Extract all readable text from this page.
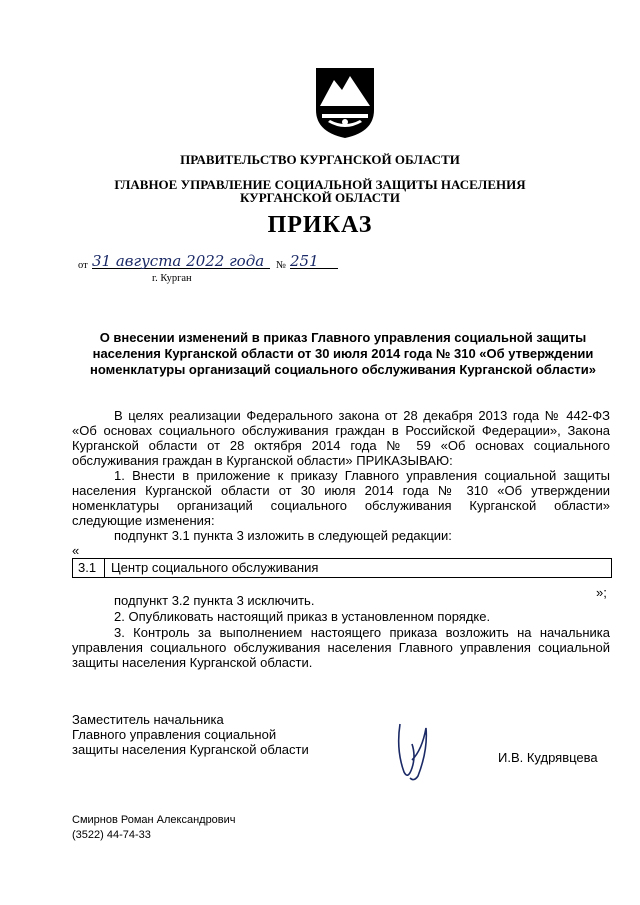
ПРАВИТЕЛЬСТВО КУРГАНСКОЙ ОБЛАСТИ
ГЛАВНОЕ УПРАВЛЕНИЕ СОЦИАЛЬНОЙ ЗАЩИТЫ НАСЕЛЕНИЯ
КУРГАНСКОЙ ОБЛАСТИ
ПРИКАЗ
от 31 августа 2022 года	№ 251
г. Курган
О внесении изменений в приказ Главного управления социальной защиты населения Курганской области от 30 июля 2014 года № 310 «Об утверждении номенклатуры организаций социального обслуживания Курганской области»
В целях реализации Федерального закона от 28 декабря 2013 года № 442-ФЗ «Об основах социального обслуживания граждан в Российской Федерации», Закона Курганской области от 28 октября 2014 года № 59 «Об основах социального обслуживания граждан в Курганской области» ПРИКАЗЫВАЮ:
1. Внести в приложение к приказу Главного управления социальной защиты населения Курганской области от 30 июля 2014 года № 310 «Об утверждении номенклатуры организаций социального обслуживания Курганской области» следующие изменения:
подпункт 3.1 пункта 3 изложить в следующей редакции:
«
3.1	Центр социального обслуживания
»;
подпункт 3.2 пункта 3 исключить.
2. Опубликовать настоящий приказ в установленном порядке.
3. Контроль за выполнением настоящего приказа возложить на начальника управления социального обслуживания населения Главного управления социальной защиты населения Курганской области.
Заместитель начальника
Главного управления социальной
защиты населения Курганской области
И.В. Кудрявцева
Смирнов Роман Александрович
(3522) 44-74-33
